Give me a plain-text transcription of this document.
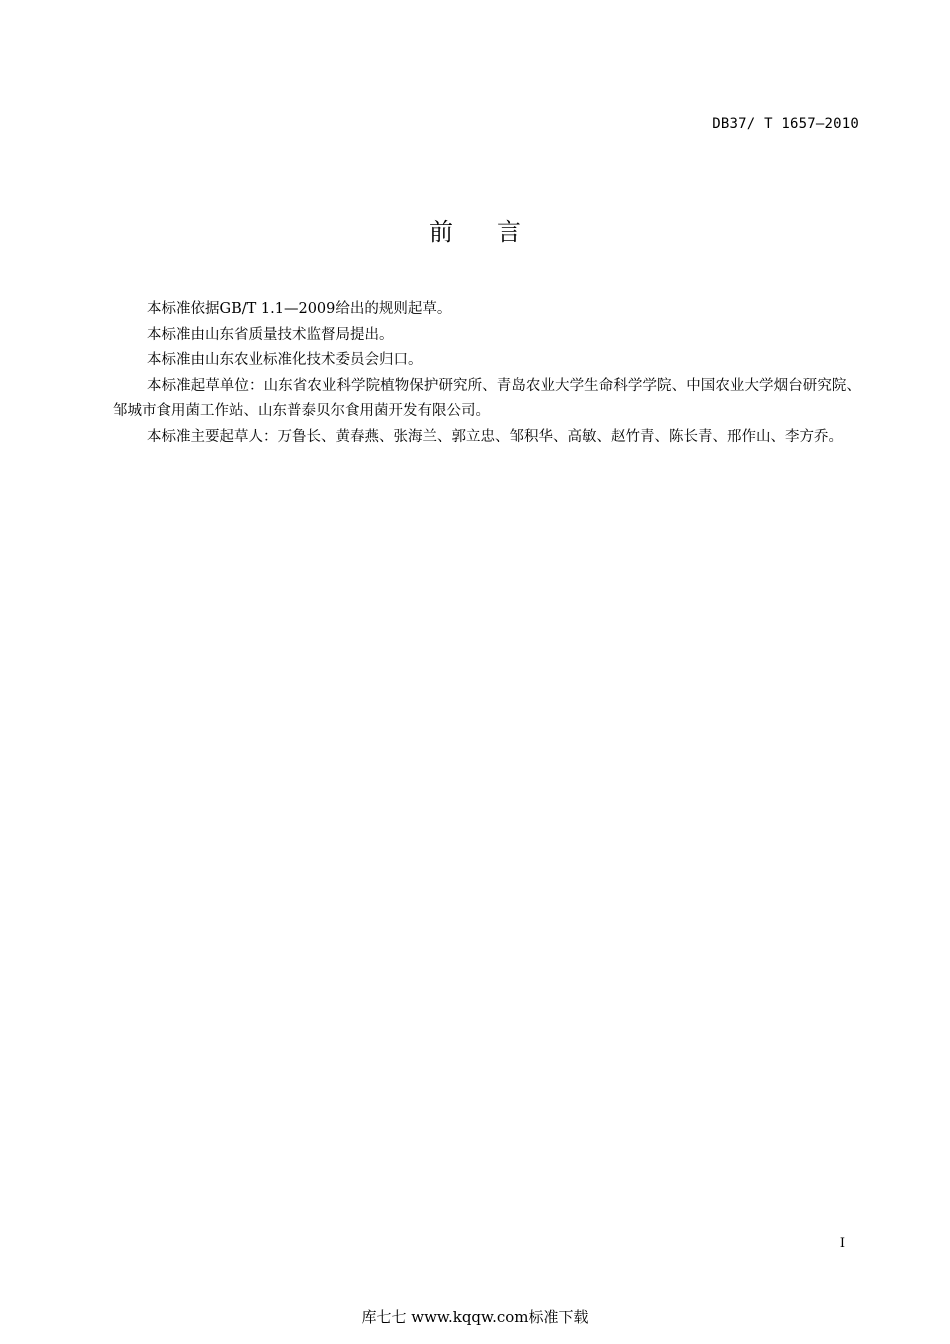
DB37/ T 1657—2010
前言

本标准依据GB/T 1.1—2009给出的规则起草。

本标准由山东省质量技术监督局提出。

本标准由山东农业标准化技术委员会归口。

本标准起草单位：山东省农业科学院植物保护研究所、青岛农业大学生命科学学院、中国农业大学烟台研究院、邹城市食用菌工作站、山东普泰贝尔食用菌开发有限公司。

本标准主要起草人：万鲁长、黄春燕、张海兰、郭立忠、邹积华、高敏、赵竹青、陈长青、邢作山、李方乔。

I
库七七 www.kqqw.com标准下载
